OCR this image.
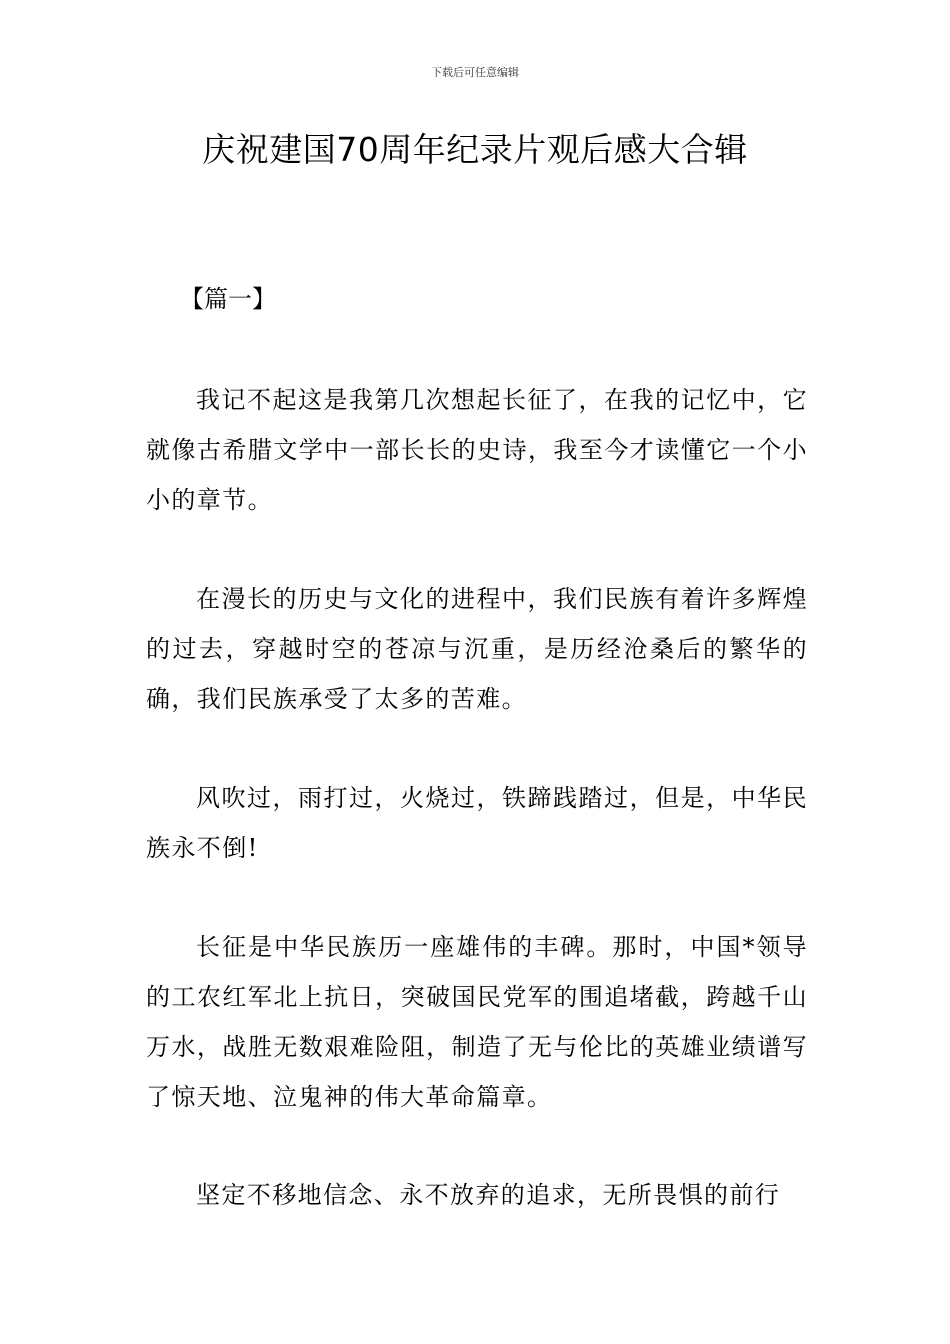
下载后可任意编辑
庆祝建国70周年纪录片观后感大合辑
【篇一】

我记不起这是我第几次想起长征了，在我的记忆中，它就像古希腊文学中一部长长的史诗，我至今才读懂它一个小小的章节。

在漫长的历史与文化的进程中，我们民族有着许多辉煌的过去，穿越时空的苍凉与沉重，是历经沧桑后的繁华的确，我们民族承受了太多的苦难。

风吹过，雨打过，火烧过，铁蹄践踏过，但是，中华民族永不倒!

长征是中华民族历一座雄伟的丰碑。那时，中国*领导的工农红军北上抗日，突破国民党军的围追堵截，跨越千山万水，战胜无数艰难险阻，制造了无与伦比的英雄业绩谱写了惊天地、泣鬼神的伟大革命篇章。

坚定不移地信念、永不放弃的追求，无所畏惧的前行
